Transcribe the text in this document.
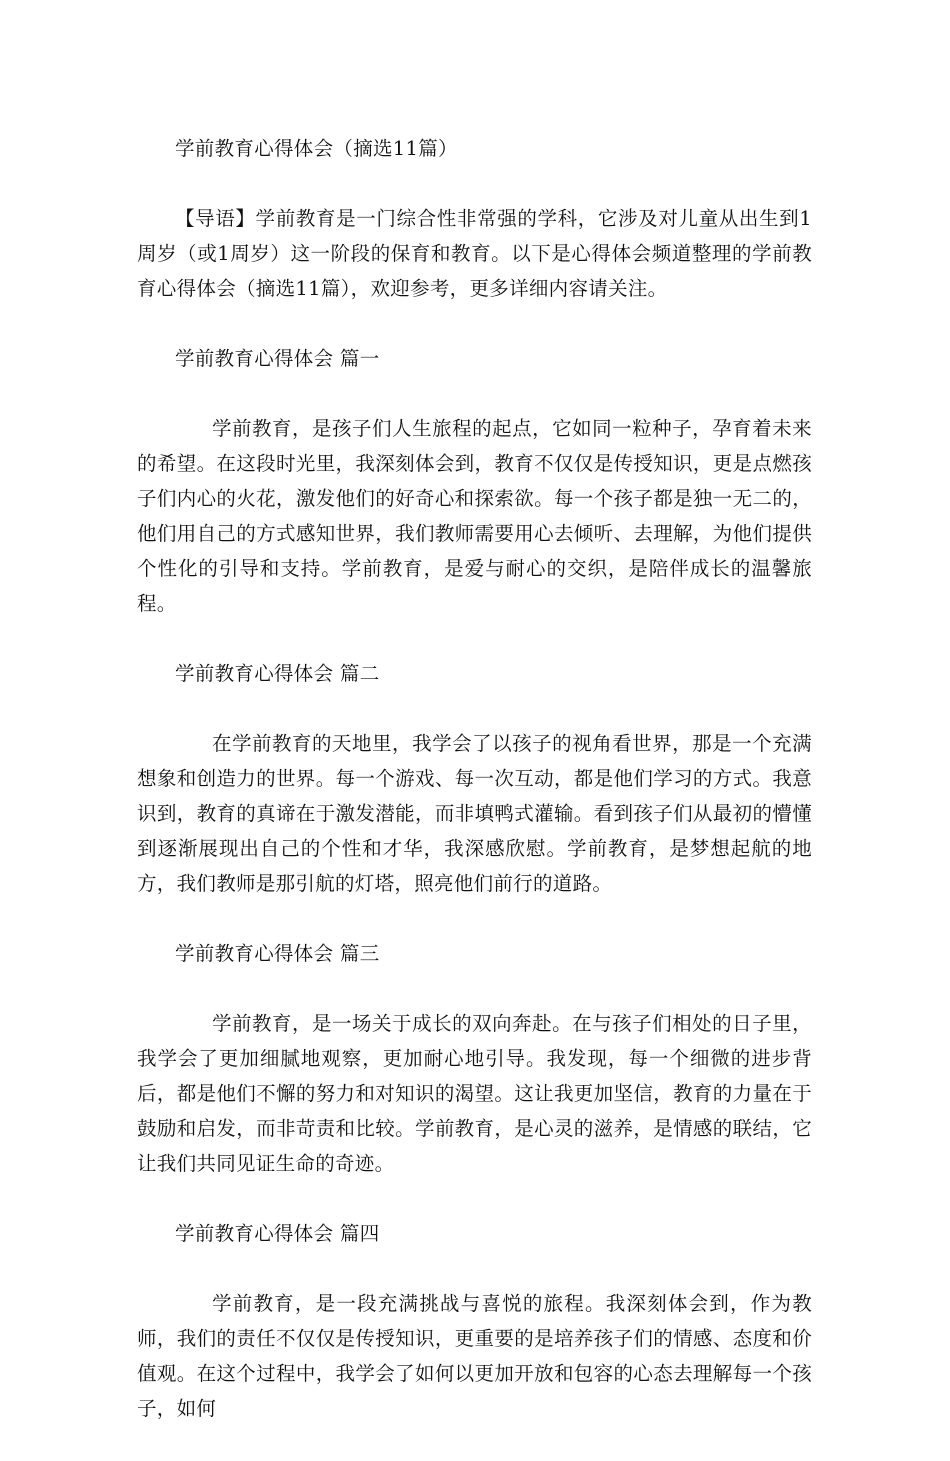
学前教育心得体会（摘选11篇）

【导语】学前教育是一门综合性非常强的学科，它涉及对儿童从出生到1周岁（或1周岁）这一阶段的保育和教育。以下是心得体会频道整理的学前教育心得体会（摘选11篇），欢迎参考，更多详细内容请关注。

学前教育心得体会 篇一

学前教育，是孩子们人生旅程的起点，它如同一粒种子，孕育着未来的希望。在这段时光里，我深刻体会到，教育不仅仅是传授知识，更是点燃孩子们内心的火花，激发他们的好奇心和探索欲。每一个孩子都是独一无二的，他们用自己的方式感知世界，我们教师需要用心去倾听、去理解，为他们提供个性化的引导和支持。学前教育，是爱与耐心的交织，是陪伴成长的温馨旅程。

学前教育心得体会 篇二

在学前教育的天地里，我学会了以孩子的视角看世界，那是一个充满想象和创造力的世界。每一个游戏、每一次互动，都是他们学习的方式。我意识到，教育的真谛在于激发潜能，而非填鸭式灌输。看到孩子们从最初的懵懂到逐渐展现出自己的个性和才华，我深感欣慰。学前教育，是梦想起航的地方，我们教师是那引航的灯塔，照亮他们前行的道路。

学前教育心得体会 篇三

学前教育，是一场关于成长的双向奔赴。在与孩子们相处的日子里，我学会了更加细腻地观察，更加耐心地引导。我发现，每一个细微的进步背后，都是他们不懈的努力和对知识的渴望。这让我更加坚信，教育的力量在于鼓励和启发，而非苛责和比较。学前教育，是心灵的滋养，是情感的联结，它让我们共同见证生命的奇迹。

学前教育心得体会 篇四

学前教育，是一段充满挑战与喜悦的旅程。我深刻体会到，作为教师，我们的责任不仅仅是传授知识，更重要的是培养孩子们的情感、态度和价值观。在这个过程中，我学会了如何以更加开放和包容的心态去理解每一个孩子，如何
